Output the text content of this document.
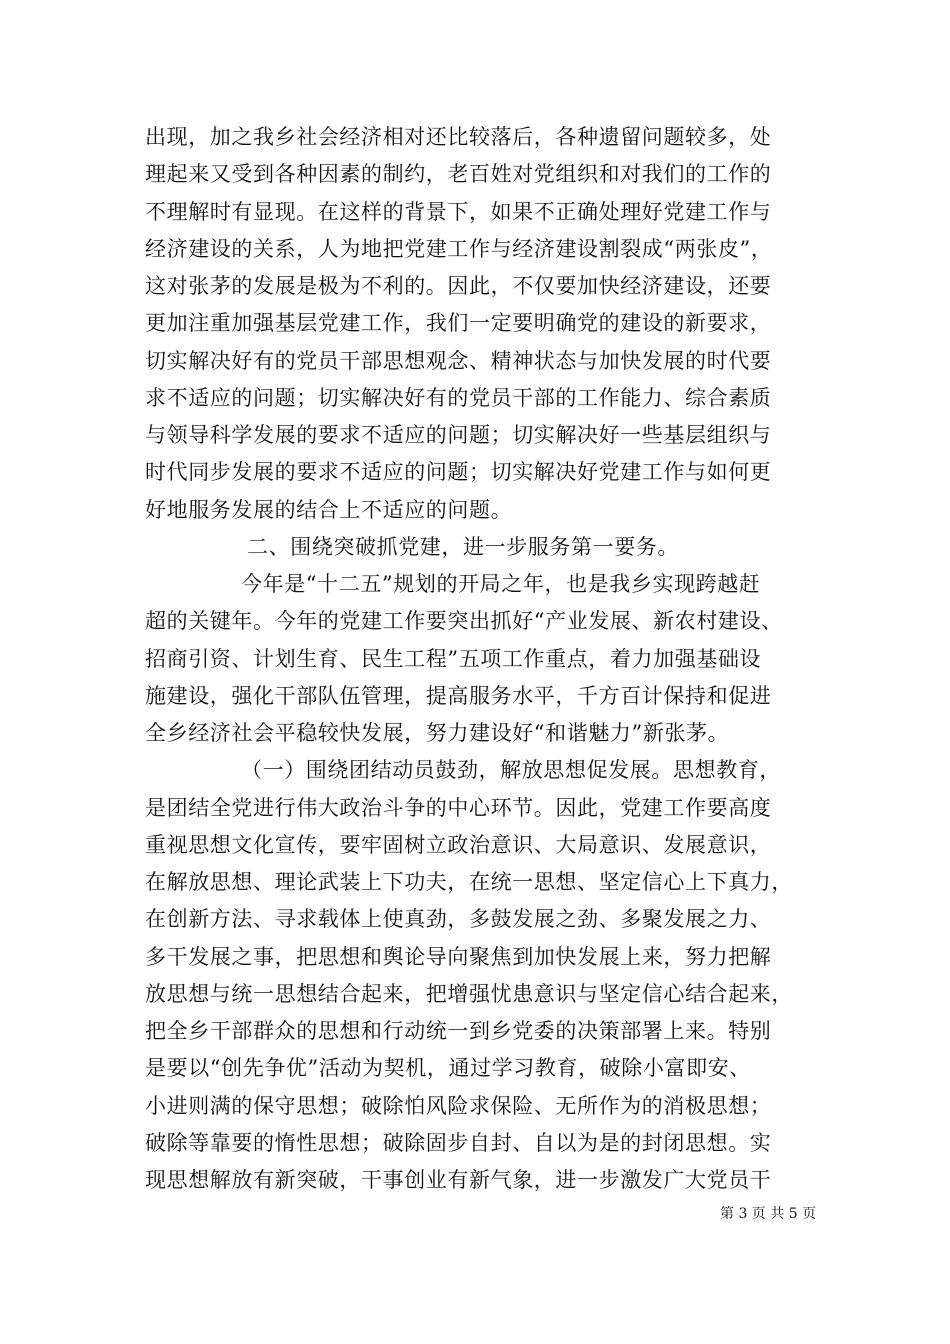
出现，加之我乡社会经济相对还比较落后，各种遗留问题较多，处
理起来又受到各种因素的制约，老百姓对党组织和对我们的工作的
不理解时有显现。在这样的背景下，如果不正确处理好党建工作与
经济建设的关系，人为地把党建工作与经济建设割裂成“两张皮”，
这对张茅的发展是极为不利的。因此，不仅要加快经济建设，还要
更加注重加强基层党建工作，我们一定要明确党的建设的新要求，
切实解决好有的党员干部思想观念、精神状态与加快发展的时代要
求不适应的问题；切实解决好有的党员干部的工作能力、综合素质
与领导科学发展的要求不适应的问题；切实解决好一些基层组织与
时代同步发展的要求不适应的问题；切实解决好党建工作与如何更
好地服务发展的结合上不适应的问题。
二、围绕突破抓党建，进一步服务第一要务。
今年是“十二五”规划的开局之年，也是我乡实现跨越赶
超的关键年。今年的党建工作要突出抓好“产业发展、新农村建设、
招商引资、计划生育、民生工程”五项工作重点，着力加强基础设
施建设，强化干部队伍管理，提高服务水平，千方百计保持和促进
全乡经济社会平稳较快发展，努力建设好“和谐魅力”新张茅。
（一）围绕团结动员鼓劲，解放思想促发展。思想教育，
是团结全党进行伟大政治斗争的中心环节。因此，党建工作要高度
重视思想文化宣传，要牢固树立政治意识、大局意识、发展意识，
在解放思想、理论武装上下功夫，在统一思想、坚定信心上下真力，
在创新方法、寻求载体上使真劲，多鼓发展之劲、多聚发展之力、
多干发展之事，把思想和舆论导向聚焦到加快发展上来，努力把解
放思想与统一思想结合起来，把增强忧患意识与坚定信心结合起来，
把全乡干部群众的思想和行动统一到乡党委的决策部署上来。特别
是要以“创先争优”活动为契机，通过学习教育，破除小富即安、
小进则满的保守思想；破除怕风险求保险、无所作为的消极思想；
破除等靠要的惰性思想；破除固步自封、自以为是的封闭思想。实
现思想解放有新突破，干事创业有新气象，进一步激发广大党员干
第 3 页 共 5 页
